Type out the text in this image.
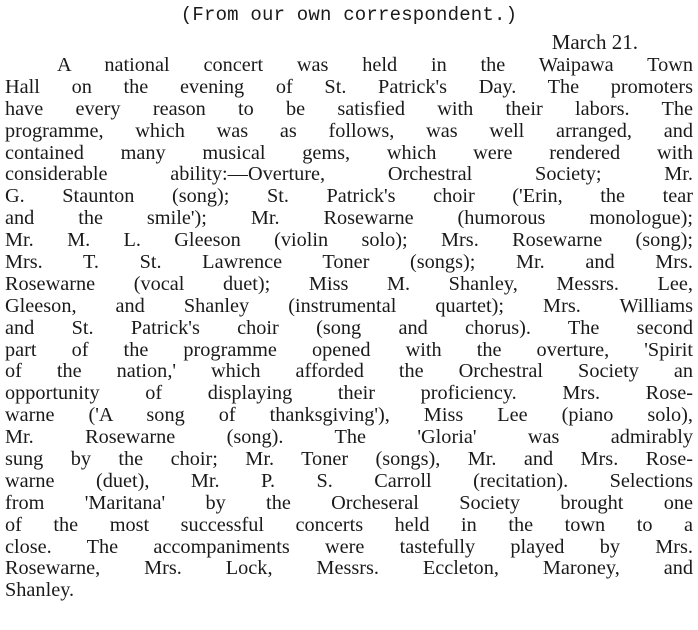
(From our own correspondent.)
March 21.
A national concert was held in the Waipawa Town
Hall on the evening of St. Patrick's Day. The promoters
have every reason to be satisfied with their labors. The
programme, which was as follows, was well arranged, and
contained many musical gems, which were rendered with
considerable ability:—Overture, Orchestral Society; Mr.
G. Staunton (song); St. Patrick's choir ('Erin, the tear
and the smile'); Mr. Rosewarne (humorous monologue);
Mr. M. L. Gleeson (violin solo); Mrs. Rosewarne (song);
Mrs. T. St. Lawrence Toner (songs); Mr. and Mrs.
Rosewarne (vocal duet); Miss M. Shanley, Messrs. Lee,
Gleeson, and Shanley (instrumental quartet); Mrs. Williams
and St. Patrick's choir (song and chorus). The second
part of the programme opened with the overture, 'Spirit
of the nation,' which afforded the Orchestral Society an
opportunity of displaying their proficiency. Mrs. Rose-
warne ('A song of thanksgiving'), Miss Lee (piano solo),
Mr. Rosewarne (song). The 'Gloria' was admirably
sung by the choir; Mr. Toner (songs), Mr. and Mrs. Rose-
warne (duet), Mr. P. S. Carroll (recitation). Selections
from 'Maritana' by the Orcheseral Society brought one
of the most successful concerts held in the town to a
close. The accompaniments were tastefully played by Mrs.
Rosewarne, Mrs. Lock, Messrs. Eccleton, Maroney, and
Shanley.
